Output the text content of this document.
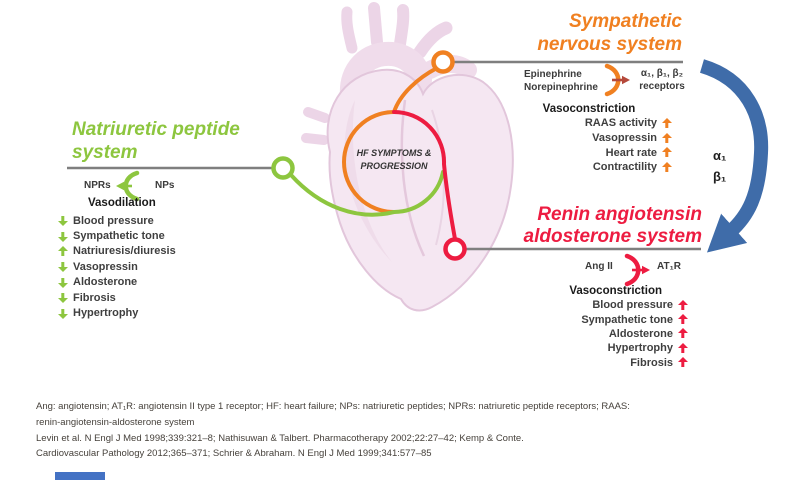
HF SYMPTOMS &
PROGRESSION
Sympathetic
nervous system
Epinephrine
Norepinephrine
α₁, β₁, β₂
receptors
Vasoconstriction
RAAS activity
Vasopressin
Heart rate
Contractility
α₁
β₁
Natriuretic peptide
system
NPRs	NPs
Vasodilation
Blood pressure
Sympathetic tone
Natriuresis/diuresis
Vasopressin
Aldosterone
Fibrosis
Hypertrophy
Renin angiotensin
aldosterone system
Ang II	AT₁R
Vasoconstriction
Blood pressure
Sympathetic tone
Aldosterone
Hypertrophy
Fibrosis
Ang: angiotensin; AT₁R: angiotensin II type 1 receptor; HF: heart failure; NPs: natriuretic peptides; NPRs: natriuretic peptide receptors; RAAS:
renin-angiotensin-aldosterone system
Levin et al. N Engl J Med 1998;339:321–8; Nathisuwan & Talbert. Pharmacotherapy 2002;22:27–42; Kemp & Conte.
Cardiovascular Pathology 2012;365–371; Schrier & Abraham. N Engl J Med 1999;341:577–85
